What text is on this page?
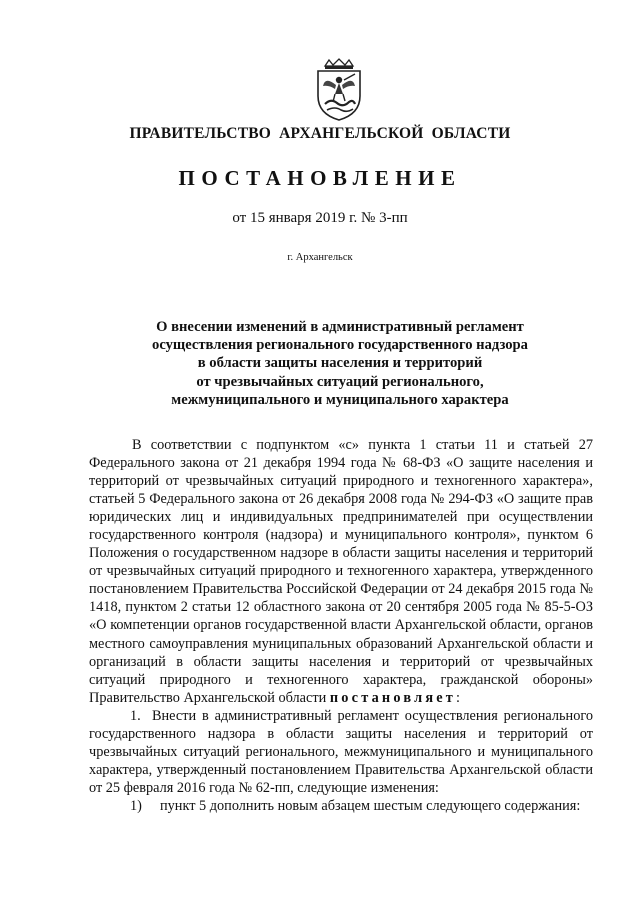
ПРАВИТЕЛЬСТВО АРХАНГЕЛЬСКОЙ ОБЛАСТИ
ПОСТАНОВЛЕНИЕ
от 15 января 2019 г. № 3-пп
г. Архангельск
О внесении изменений в административный регламент
осуществления регионального государственного надзора
в области защиты населения и территорий
от чрезвычайных ситуаций регионального,
межмуниципального и муниципального характера

В соответствии с подпунктом «с» пункта 1 статьи 11 и статьей 27 Федерального закона от 21 декабря 1994 года № 68-ФЗ «О защите населения и территорий от чрезвычайных ситуаций природного и техногенного характера», статьей 5 Федерального закона от 26 декабря 2008 года № 294-ФЗ «О защите прав юридических лиц и индивидуальных предпринимателей при осуществлении государственного контроля (надзора) и муниципального контроля», пунктом 6 Положения о государственном надзоре в области защиты населения и территорий от чрезвычайных ситуаций природного и техногенного характера, утвержденного постановлением Правительства Российской Федерации от 24 декабря 2015 года № 1418, пунктом 2 статьи 12 областного закона от 20 сентября 2005 года № 85-5-ОЗ «О компетенции органов государственной власти Архангельской области, органов местного самоуправления муниципальных образований Архангельской области и организаций в области защиты населения и территорий от чрезвычайных ситуаций природного и техногенного характера, гражданской обороны» Правительство Архангельской области постановляет:

1. Внести в административный регламент осуществления регионального государственного надзора в области защиты населения и территорий от чрезвычайных ситуаций регионального, межмуниципального и муниципального характера, утвержденный постановлением Правительства Архангельской области от 25 февраля 2016 года № 62-пп, следующие изменения:

1) пункт 5 дополнить новым абзацем шестым следующего содержания:
